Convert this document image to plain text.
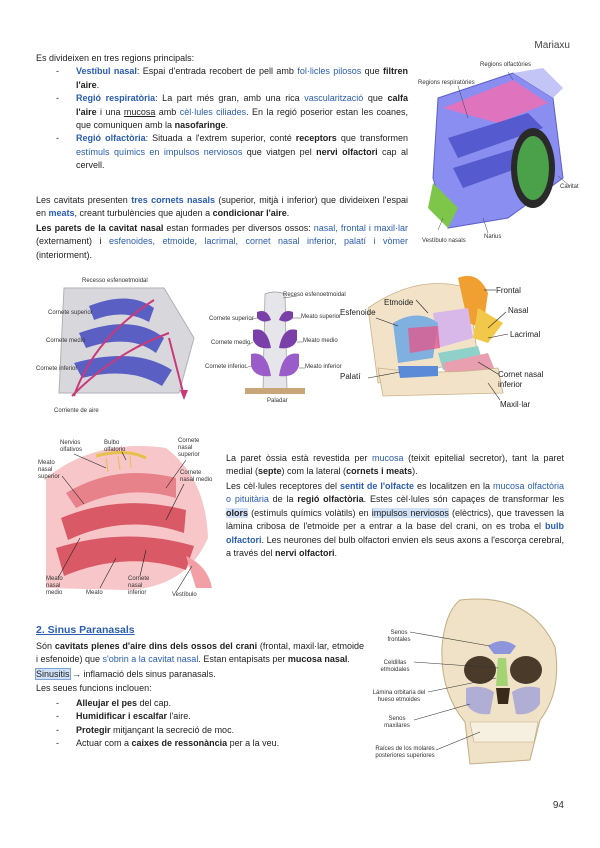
Mariaxu
Es divideixen en tres regions principals:
- Vestíbul nasal: Espai d'entrada recobert de pell amb fol·licles pilosos que filtren l'aire.
- Regió respiratòria: La part més gran, amb una rica vascularització que calfa l'aire i una mucosa amb cèl·lules ciliades. En la regió poserior estan les coanes, que comuniquen amb la nasofaringe.
- Regió olfactòria: Situada a l'extrem superior, conté receptors que transformen estímuls químics en impulsos nerviosos que viatgen pel nervi olfactori cap al cervell.
Les cavitats presenten tres cornets nasals (superior, mitjà i inferior) que divideixen l'espai en meats, creant turbulències que ajuden a condicionar l'aire.
Les parets de la cavitat nasal estan formades per diversos ossos: nasal, frontal i maxil·lar (externament) i esfenoides, etmoide, lacrimal, cornet nasal inferior, palatí i vòmer (interiorment).
Regions olfactòries
Regions respiratòries
Cavitat
Vestíbulo nasals
Narius
Recesso esfenoetmoidal
Cornete superior
Cornete medio
Cornete inferior
Corriente de aire
Receso esfenoetmoidal
Cornete superior	Meato superior
Cornete medio	Meato medio
Cornete inferior	Meato inferior
Paladar
Etmoide
Frontal
Esfenoide	Nasal
Lacrimal
Palatí	Cornet nasal inferior
Maxil·lar
Nervios olfativos
Bulbo olfatorio
Cornete nasal superior
Cornete nasal medio
Meato nasal superior
Meato nasal medio	Meato
Cornete nasal inferior	Vestíbulo
La paret òssia està revestida per mucosa (teixit epitelial secretor), tant la paret medial (septe) com la lateral (cornets i meats).
Les cèl·lules receptores del sentit de l'olfacte es localitzen en la mucosa olfactòria o pituitària de la regió olfactòria. Estes cèl·lules són capaçes de transformar les olors (estímuls químics volàtils) en impulsos nerviosos (elèctrics), que travessen la làmina cribosa de l'etmoide per a entrar a la base del crani, on es troba el bulb olfactori. Les neurones del bulb olfactori envien els seus axons a l'escorça cerebral, a través del nervi olfactori.
2. Sinus Paranasals
Són cavitats plenes d'aire dins dels ossos del crani (frontal, maxil·lar, etmoide i esfenoide) que s'obrin a la cavitat nasal. Estan entapisats per mucosa nasal.
Sinusitis → inflamació dels sinus paranasals.
Les seues funcions inclouen:
- Alleujar el pes del cap.
- Humidificar i escalfar l'aire.
- Protegir mitjançant la secreció de moc.
- Actuar com a caixes de ressonància per a la veu.
Senos frontales
Celdillas etmoidales
Lámina orbitaria del hueso etmoides
Senos maxilares
Raíces de los molares posteriores superiores
94
